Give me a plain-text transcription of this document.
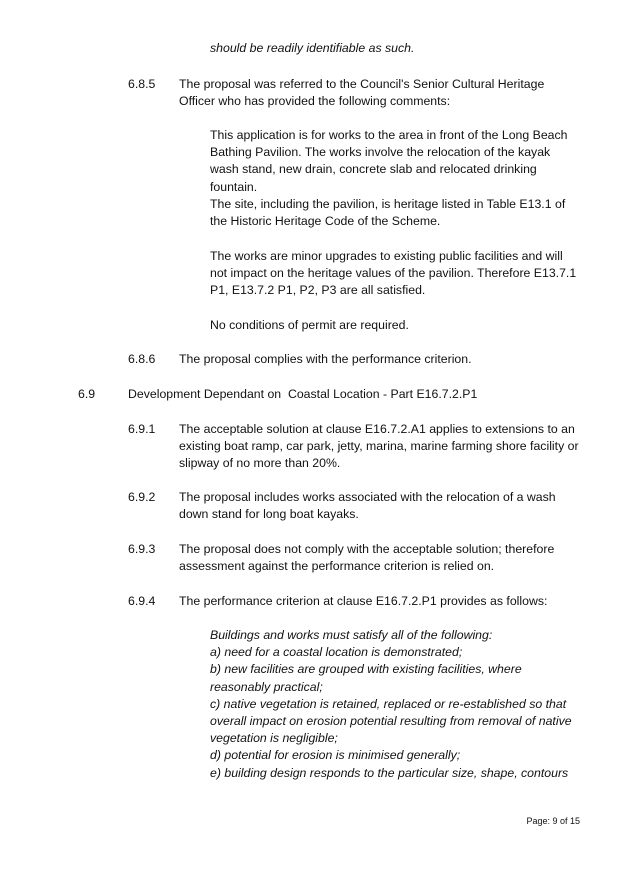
should be readily identifiable as such.
6.8.5 The proposal was referred to the Council's Senior Cultural Heritage
Officer who has provided the following comments:

This application is for works to the area in front of the Long Beach Bathing Pavilion. The works involve the relocation of the kayak wash stand, new drain, concrete slab and relocated drinking fountain.

The site, including the pavilion, is heritage listed in Table E13.1 of the Historic Heritage Code of the Scheme.

The works are minor upgrades to existing public facilities and will not impact on the heritage values of the pavilion. Therefore E13.7.1 P1, E13.7.2 P1, P2, P3 are all satisfied.

No conditions of permit are required.

6.8.6 The proposal complies with the performance criterion.
6.9	Development Dependant on  Coastal Location - Part E16.7.2.P1
6.9.1 The acceptable solution at clause E16.7.2.A1 applies to extensions to an existing boat ramp, car park, jetty, marina, marine farming shore facility or slipway of no more than 20%.

6.9.2 The proposal includes works associated with the relocation of a wash down stand for long boat kayaks.

6.9.3 The proposal does not comply with the acceptable solution; therefore assessment against the performance criterion is relied on.

6.9.4 The performance criterion at clause E16.7.2.P1 provides as follows:
Buildings and works must satisfy all of the following:
a) need for a coastal location is demonstrated;
b) new facilities are grouped with existing facilities, where reasonably practical;
c) native vegetation is retained, replaced or re-established so that overall impact on erosion potential resulting from removal of native vegetation is negligible;
d) potential for erosion is minimised generally;
e) building design responds to the particular size, shape, contours
Page: 9 of 15
